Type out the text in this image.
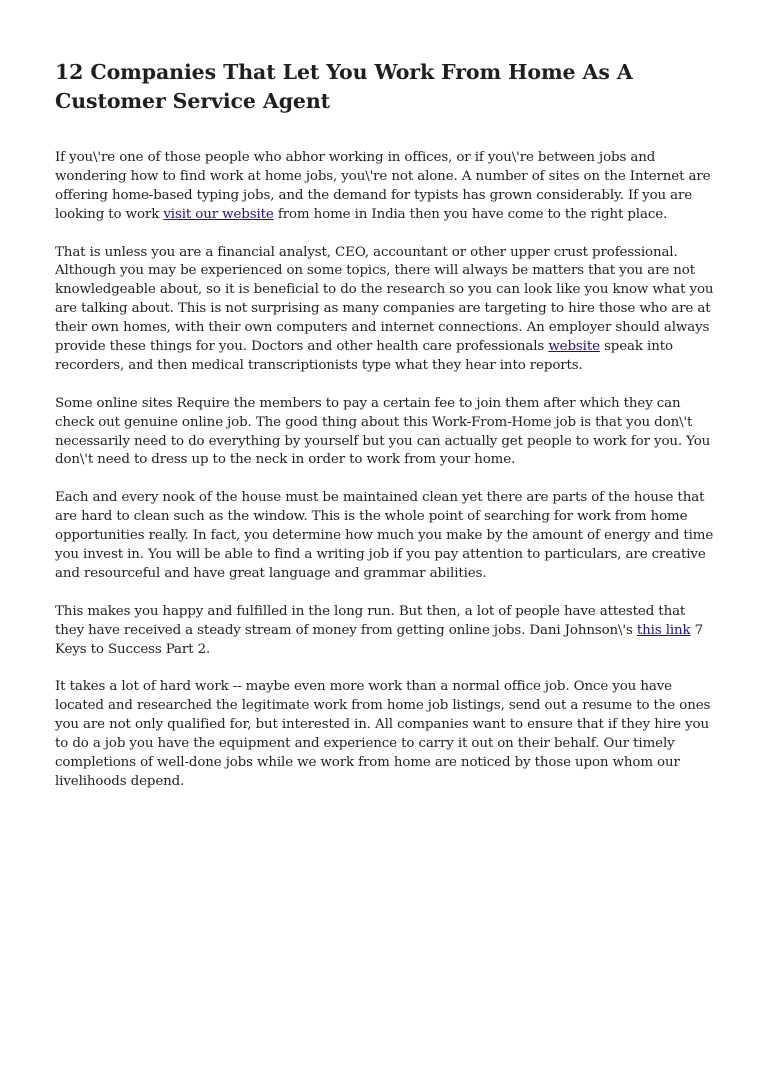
12 Companies That Let You Work From Home As A Customer Service Agent

If you\'re one of those people who abhor working in offices, or if you\'re between jobs and wondering how to find work at home jobs, you\'re not alone. A number of sites on the Internet are offering home-based typing jobs, and the demand for typists has grown considerably. If you are looking to work visit our website from home in India then you have come to the right place.

That is unless you are a financial analyst, CEO, accountant or other upper crust professional. Although you may be experienced on some topics, there will always be matters that you are not knowledgeable about, so it is beneficial to do the research so you can look like you know what you are talking about. This is not surprising as many companies are targeting to hire those who are at their own homes, with their own computers and internet connections. An employer should always provide these things for you. Doctors and other health care professionals website speak into recorders, and then medical transcriptionists type what they hear into reports.

Some online sites Require the members to pay a certain fee to join them after which they can check out genuine online job. The good thing about this Work-From-Home job is that you don\'t necessarily need to do everything by yourself but you can actually get people to work for you. You don\'t need to dress up to the neck in order to work from your home.

Each and every nook of the house must be maintained clean yet there are parts of the house that are hard to clean such as the window. This is the whole point of searching for work from home opportunities really. In fact, you determine how much you make by the amount of energy and time you invest in. You will be able to find a writing job if you pay attention to particulars, are creative and resourceful and have great language and grammar abilities.

This makes you happy and fulfilled in the long run. But then, a lot of people have attested that they have received a steady stream of money from getting online jobs. Dani Johnson\'s this link 7 Keys to Success Part 2.

It takes a lot of hard work -- maybe even more work than a normal office job. Once you have located and researched the legitimate work from home job listings, send out a resume to the ones you are not only qualified for, but interested in. All companies want to ensure that if they hire you to do a job you have the equipment and experience to carry it out on their behalf. Our timely completions of well-done jobs while we work from home are noticed by those upon whom our livelihoods depend.
